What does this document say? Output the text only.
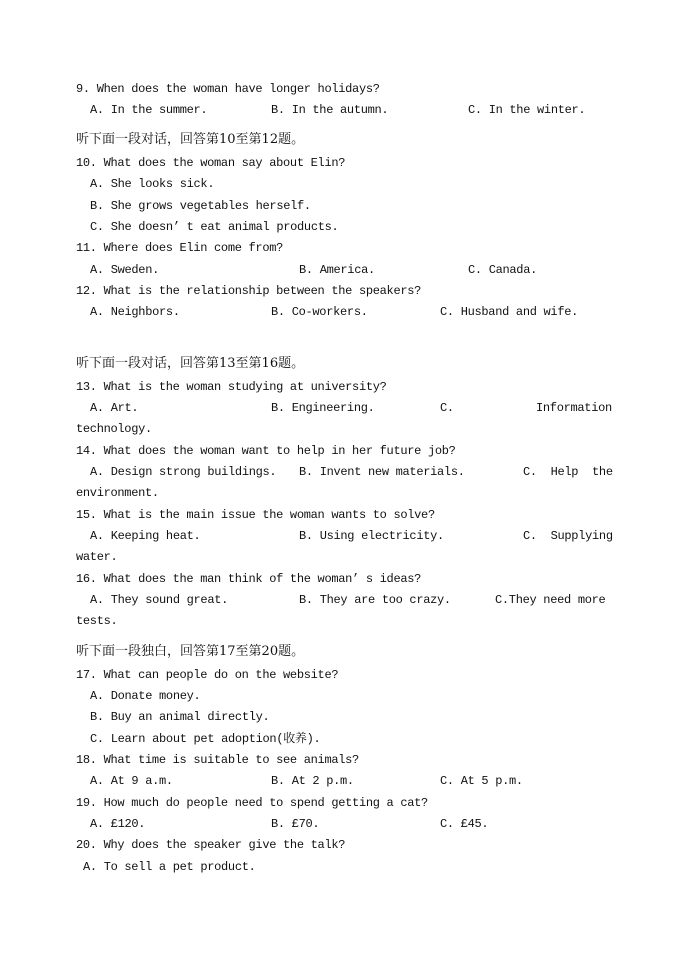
9. When does the woman have longer holidays?
A. In the summer.	B. In the autumn.	C. In the winter.
听下面一段对话，回答第10至第12题。
10. What does the woman say about Elin?
A. She looks sick.
B. She grows vegetables herself.
C. She doesn’ t eat animal products.
11. Where does Elin come from?
A. Sweden.	B. America.	C. Canada.
12. What is the relationship between the speakers?
A. Neighbors.	B. Co-workers.	C. Husband and wife.
听下面一段对话，回答第13至第16题。
13. What is the woman studying at university?
A. Art.	B. Engineering.	C.	Information
technology.
14. What does the woman want to help in her future job?
A. Design strong buildings. B. Invent new materials.	C.  Help  the
environment.
15. What is the main issue the woman wants to solve?
A. Keeping heat.	B. Using electricity.	C.  Supplying
water.
16. What does the man think of the woman’ s ideas?
A. They sound great.	B. They are too crazy.	C.They need more
tests.
听下面一段独白，回答第17至第20题。
17. What can people do on the website?
A. Donate money.
B. Buy an animal directly.
C. Learn about pet adoption(收养).
18. What time is suitable to see animals?
A. At 9 a.m.	B. At 2 p.m.	C. At 5 p.m.
19. How much do people need to spend getting a cat?
A. £120.	B. £70.	C. £45.
20. Why does the speaker give the talk?
A. To sell a pet product.
